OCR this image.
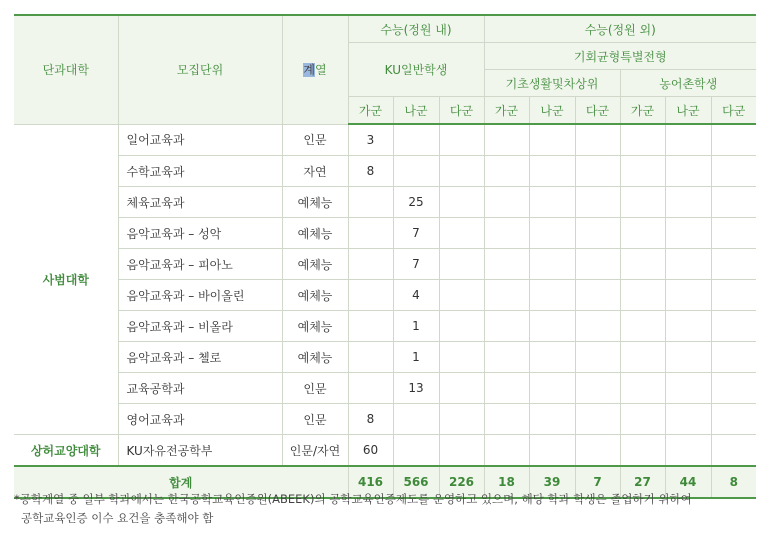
단과대학	모집단위	계열	수능(정원 내)			수능(정원 외)					
			KU일반학생			기회균형특별전형					
						기초생활및차상위			농어촌학생		
			가군	나군	다군	가군	나군	다군	가군	나군	다군
사범대학	일어교육과	인문	3								
	수학교육과	자연	8								
	체육교육과	예체능		25							
	음악교육과 – 성악	예체능		7							
	음악교육과 – 피아노	예체능		7							
	음악교육과 – 바이올린	예체능		4							
	음악교육과 – 비올라	예체능		1							
	음악교육과 – 첼로	예체능		1							
	교육공학과	인문		13							
	영어교육과	인문	8								
상허교양대학	KU자유전공학부	인문/자연	60								
합계			416	566	226	18	39	7	27	44	8
*공학계열 중 일부 학과에서는 한국공학교육인증원(ABEEK)의 공학교육인증제도를 운영하고 있으며, 해당 학과 학생은 졸업하기 위하여
공학교육인증 이수 요건을 충족해야 함
